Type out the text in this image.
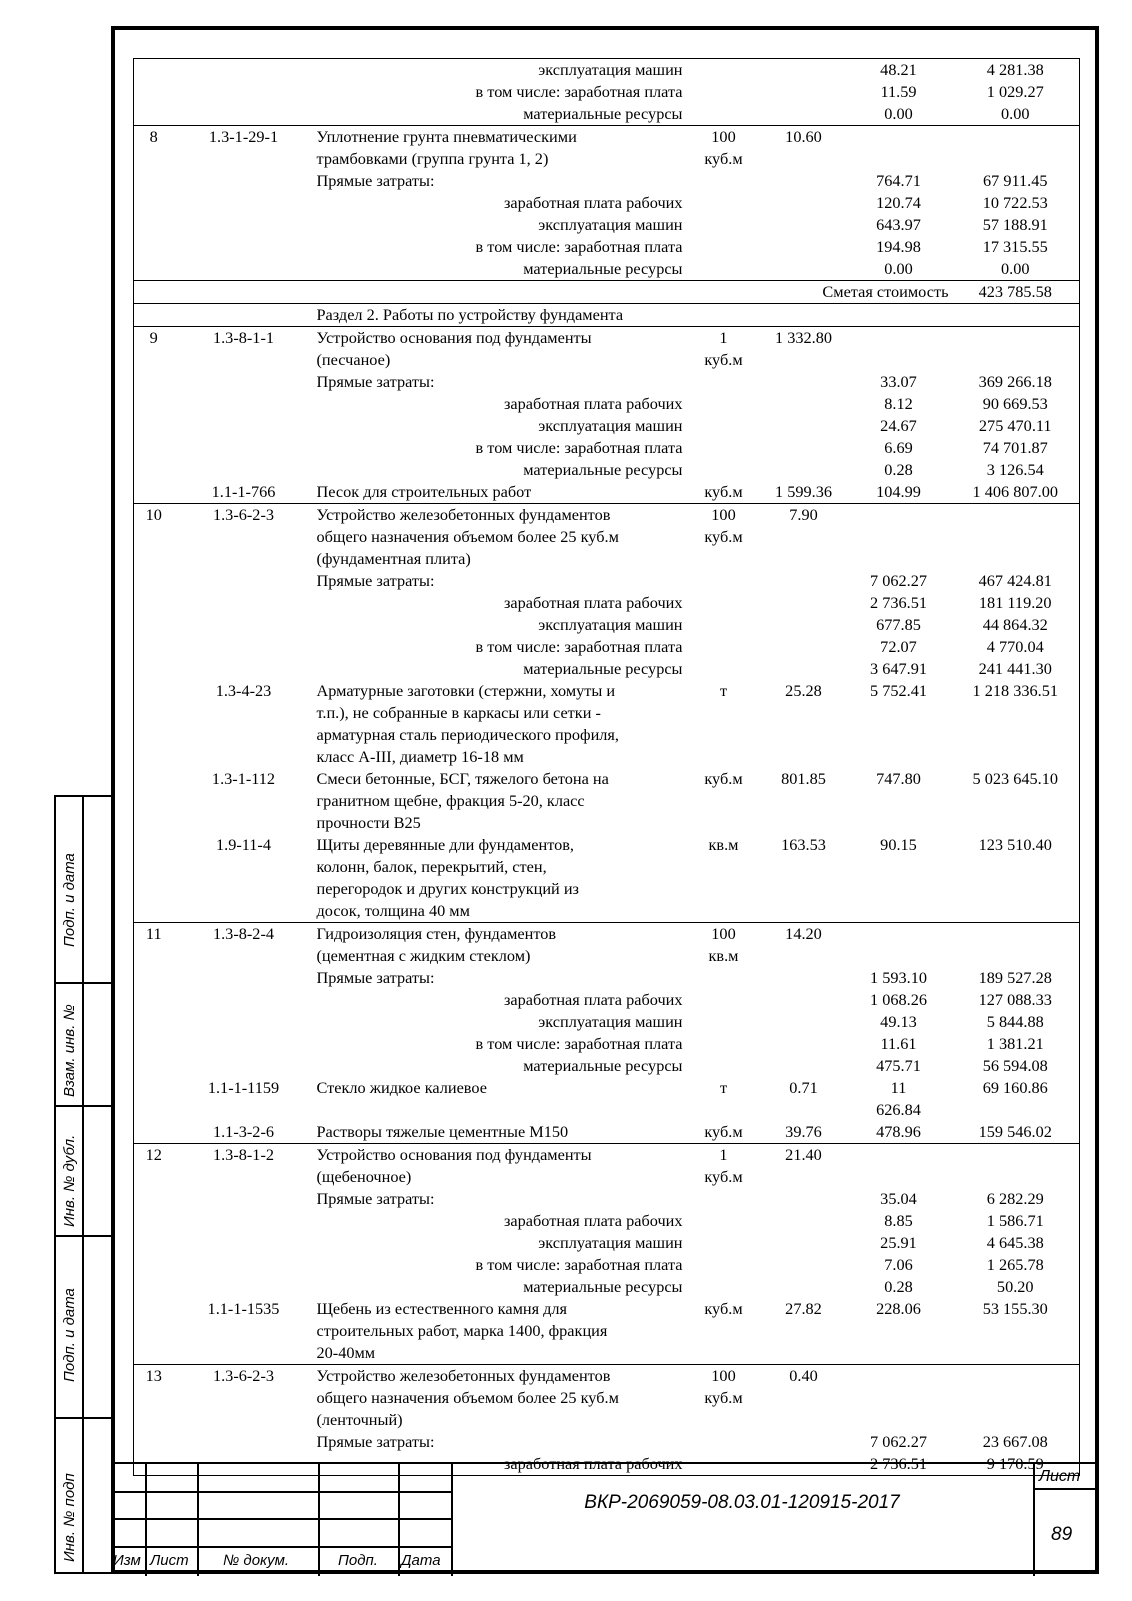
		эксплуатация машин			48.21	4 281.38
		в том числе: заработная плата			11.59	1 029.27
		материальные ресурсы			0.00	0.00
8	1.3-1-29-1	Уплотнение грунта пневматическими	100	10.60		
		трамбовками (группа грунта 1, 2)	куб.м			
		Прямые затраты:			764.71	67 911.45
		заработная плата рабочих			120.74	10 722.53
		эксплуатация машин			643.97	57 188.91
		в том числе: заработная плата			194.98	17 315.55
		материальные ресурсы			0.00	0.00
				Сметая стоимость		423 785.58
		Раздел 2. Работы по устройству фундамента				
9	1.3-8-1-1	Устройство основания под фундаменты	1	1 332.80		
		(песчаное)	куб.м			
		Прямые затраты:			33.07	369 266.18
		заработная плата рабочих			8.12	90 669.53
		эксплуатация машин			24.67	275 470.11
		в том числе: заработная плата			6.69	74 701.87
		материальные ресурсы			0.28	3 126.54
	1.1-1-766	Песок для строительных работ	куб.м	1 599.36	104.99	1 406 807.00
10	1.3-6-2-3	Устройство железобетонных фундаментов	100	7.90		
		общего назначения объемом более 25 куб.м	куб.м			
		(фундаментная плита)				
		Прямые затраты:			7 062.27	467 424.81
		заработная плата рабочих			2 736.51	181 119.20
		эксплуатация машин			677.85	44 864.32
		в том числе: заработная плата			72.07	4 770.04
		материальные ресурсы			3 647.91	241 441.30
	1.3-4-23	Арматурные заготовки (стержни, хомуты и	т	25.28	5 752.41	1 218 336.51
		т.п.), не собранные в каркасы или сетки -				
		арматурная сталь периодического профиля,				
		класс А-III, диаметр 16-18 мм				
	1.3-1-112	Смеси бетонные, БСГ, тяжелого бетона на	куб.м	801.85	747.80	5 023 645.10
		гранитном щебне, фракция 5-20, класс				
		прочности В25				
	1.9-11-4	Щиты деревянные дли фундаментов,	кв.м	163.53	90.15	123 510.40
		колонн, балок, перекрытий, стен,				
		перегородок и других конструкций из				
		досок, толщина 40 мм				
11	1.3-8-2-4	Гидроизоляция стен, фундаментов	100	14.20		
		(цементная с жидким стеклом)	кв.м			
		Прямые затраты:			1 593.10	189 527.28
		заработная плата рабочих			1 068.26	127 088.33
		эксплуатация машин			49.13	5 844.88
		в том числе: заработная плата			11.61	1 381.21
		материальные ресурсы			475.71	56 594.08
	1.1-1-1159	Стекло жидкое калиевое	т	0.71	11	69 160.86
					626.84	
	1.1-3-2-6	Растворы тяжелые цементные М150	куб.м	39.76	478.96	159 546.02
12	1.3-8-1-2	Устройство основания под фундаменты	1	21.40		
		(щебеночное)	куб.м			
		Прямые затраты:			35.04	6 282.29
		заработная плата рабочих			8.85	1 586.71
		эксплуатация машин			25.91	4 645.38
		в том числе: заработная плата			7.06	1 265.78
		материальные ресурсы			0.28	50.20
	1.1-1-1535	Щебень из естественного камня для	куб.м	27.82	228.06	53 155.30
		строительных работ, марка 1400, фракция				
		20-40мм				
13	1.3-6-2-3	Устройство железобетонных фундаментов	100	0.40		
		общего назначения объемом более 25 куб.м	куб.м			
		(ленточный)				
		Прямые затраты:			7 062.27	23 667.08
		заработная плата рабочих			2 736.51	9 170.59
Подп. и дата
Взам. инв. №
Инв. № дубл.
Подп. и дата
Инв. № подп Изм Лист № докум.	Подп. Дата
ВКР-2069059-08.03.01-120915-2017
Лист
89
